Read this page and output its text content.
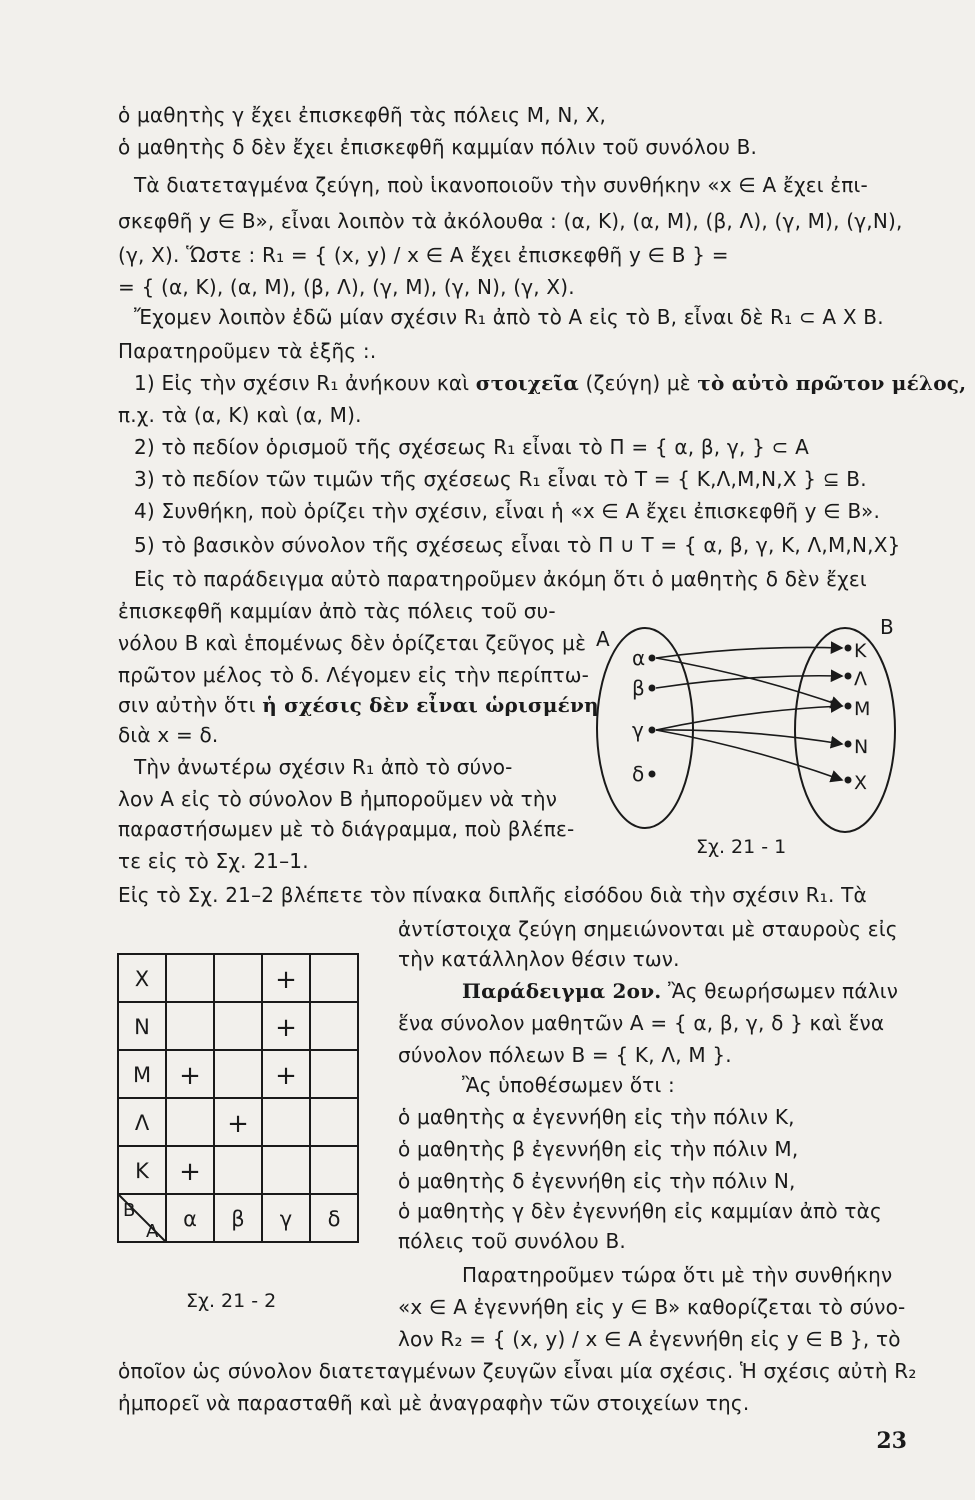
ὁ μαθητὴς γ ἔχει ἐπισκεφθῆ τὰς πόλεις Μ, Ν, Χ,

ὁ μαθητὴς δ δὲν ἔχει ἐπισκεφθῆ καμμίαν πόλιν τοῦ συνόλου Β.

Τὰ διατεταγμένα ζεύγη, ποὺ ἱκανοποιοῦν τὴν συνθήκην «x ∈ A ἔχει ἐπι-

σκεφθῆ y ∈ B», εἶναι λοιπὸν τὰ ἀκόλουθα : (α, Κ), (α, Μ), (β, Λ), (γ, Μ), (γ,Ν),

(γ, Χ). Ὥστε : R₁ = { (x, y) / x ∈ A ἔχει ἐπισκεφθῆ y ∈ B } =

= { (α, Κ), (α, Μ), (β, Λ), (γ, Μ), (γ, Ν), (γ, Χ).

Ἔχομεν λοιπὸν ἐδῶ μίαν σχέσιν R₁ ἀπὸ τὸ Α εἰς τὸ Β, εἶναι δὲ R₁ ⊂ Α Χ Β.

Παρατηροῦμεν τὰ ἑξῆς :.

1) Εἰς τὴν σχέσιν R₁ ἀνήκουν καὶ στοιχεῖα (ζεύγη) μὲ τὸ αὐτὸ πρῶτον μέλος,

π.χ. τὰ (α, Κ) καὶ (α, Μ).

2) τὸ πεδίον ὁρισμοῦ τῆς σχέσεως R₁ εἶναι τὸ Π = { α, β, γ, } ⊂ Α

3) τὸ πεδίον τῶν τιμῶν τῆς σχέσεως R₁ εἶναι τὸ Τ = { Κ,Λ,Μ,Ν,Χ } ⊆ Β.

4) Συνθήκη, ποὺ ὁρίζει τὴν σχέσιν, εἶναι ἡ «x ∈ A ἔχει ἐπισκεφθῆ y ∈ B».

5) τὸ βασικὸν σύνολον τῆς σχέσεως εἶναι τὸ Π ∪ Τ = { α, β, γ, Κ, Λ,Μ,Ν,Χ}

Εἰς τὸ παράδειγμα αὐτὸ παρατηροῦμεν ἀκόμη ὅτι ὁ μαθητὴς δ δὲν ἔχει

ἐπισκεφθῆ καμμίαν ἀπὸ τὰς πόλεις τοῦ συ-

νόλου Β καὶ ἑπομένως δὲν ὁρίζεται ζεῦγος μὲ

πρῶτον μέλος τὸ δ. Λέγομεν εἰς τὴν περίπτω-

σιν αὐτὴν ὅτι ἡ σχέσις δὲν εἶναι ὡρισμένη

διὰ x = δ.

Τὴν ἀνωτέρω σχέσιν R₁ ἀπὸ τὸ σύνο-

λον Α εἰς τὸ σύνολον Β ἠμποροῦμεν νὰ τὴν

παραστήσωμεν μὲ τὸ διάγραμμα, ποὺ βλέπε-

τε εἰς τὸ Σχ. 21–1.

Εἰς τὸ Σχ. 21–2 βλέπετε τὸν πίνακα διπλῆς εἰσόδου διὰ τὴν σχέσιν R₁. Τὰ

ἀντίστοιχα ζεύγη σημειώνονται μὲ σταυροὺς εἰς

τὴν κατάλληλον θέσιν των.

Παράδειγμα 2ον. Ἂς θεωρήσωμεν πάλιν

ἕνα σύνολον μαθητῶν Α = { α, β, γ, δ } καὶ ἕνα

σύνολον πόλεων Β = { Κ, Λ, Μ }.

Ἂς ὑποθέσωμεν ὅτι :

ὁ μαθητὴς α ἐγεννήθη εἰς τὴν πόλιν Κ,

ὁ μαθητὴς β ἐγεννήθη εἰς τὴν πόλιν Μ,

ὁ μαθητὴς δ ἐγεννήθη εἰς τὴν πόλιν Ν,

ὁ μαθητὴς γ δὲν ἐγεννήθη εἰς καμμίαν ἀπὸ τὰς

πόλεις τοῦ συνόλου Β.

Παρατηροῦμεν τώρα ὅτι μὲ τὴν συνθήκην

«x ∈ A ἐγεννήθη εἰς y ∈ B» καθορίζεται τὸ σύνο-

λον R₂ = { (x, y) / x ∈ A ἐγεννήθη εἰς y ∈ B }, τὸ

ὁποῖον ὡς σύνολον διατεταγμένων ζευγῶν εἶναι μία σχέσις. Ἡ σχέσις αὐτὴ R₂

ἠμπορεῖ νὰ παρασταθῆ καὶ μὲ ἀναγραφὴν τῶν στοιχείων της.

Α	Β
α
β
γ
δ
Κ
Λ
Μ
Ν
Χ
Σχ. 21 - 1
Β
Α
Χ
Ν
Μ
Λ
Κ
α β γ δ
+
+
+	+
+
+
Σχ. 21 - 2
23
